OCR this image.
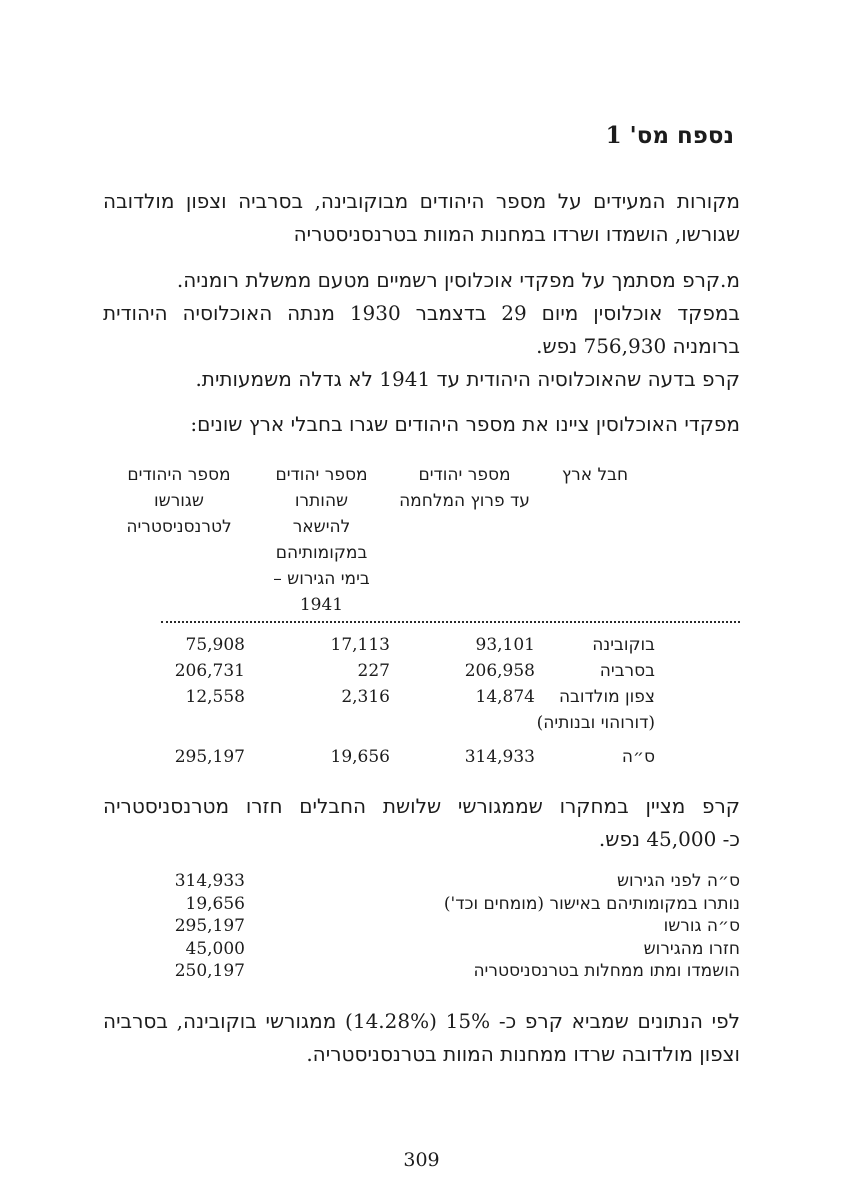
נספח מס' 1
מקורות המעידים על מספר היהודים מבוקובינה, בסרביה וצפון מולדובה
שגורשו, הושמדו ושרדו במחנות המוות בטרנסניסטריה
מ.קרפ מסתמך על מפקדי אוכלוסין רשמיים מטעם ממשלת רומניה.
במפקד אוכלוסין מיום 29 בדצמבר 1930 מנתה האוכלוסיה היהודית
ברומניה 756,930 נפש.
קרפ בדעה שהאוכלוסיה היהודית עד 1941 לא גדלה משמעותית.
מפקדי האוכלוסין ציינו את מספר היהודים שגרו בחבלי ארץ שונים:
חבל ארץ
מספר יהודים
עד פרוץ המלחמה
מספר יהודים שהותרו
להישאר במקומותיהם
בימי הגירוש – 1941
מספר היהודים
שגורשו
לטרנסניסטריה
בוקובינה
93,101
17,113
75,908
בסרביה
206,958
227
206,731
צפון מולדובה
(דורוהוי ובנותיה)
14,874
2,316
12,558
ס״ה
314,933
19,656
295,197
קרפ מציין במחקרו שממגורשי שלושת החבלים חזרו מטרנסניסטריה
כ- 45,000 נפש.
ס״ה לפני הגירוש
314,933
נותרו במקומותיהם באישור (מומחים וכד')
19,656
ס״ה גורשו
295,197
חזרו מהגירוש
45,000
הושמדו ומתו ממחלות בטרנסניסטריה
250,197
לפי הנתונים שמביא קרפ כ- 15% (14.28%) ממגורשי בוקובינה, בסרביה
וצפון מולדובה שרדו ממחנות המוות בטרנסניסטריה.
309
